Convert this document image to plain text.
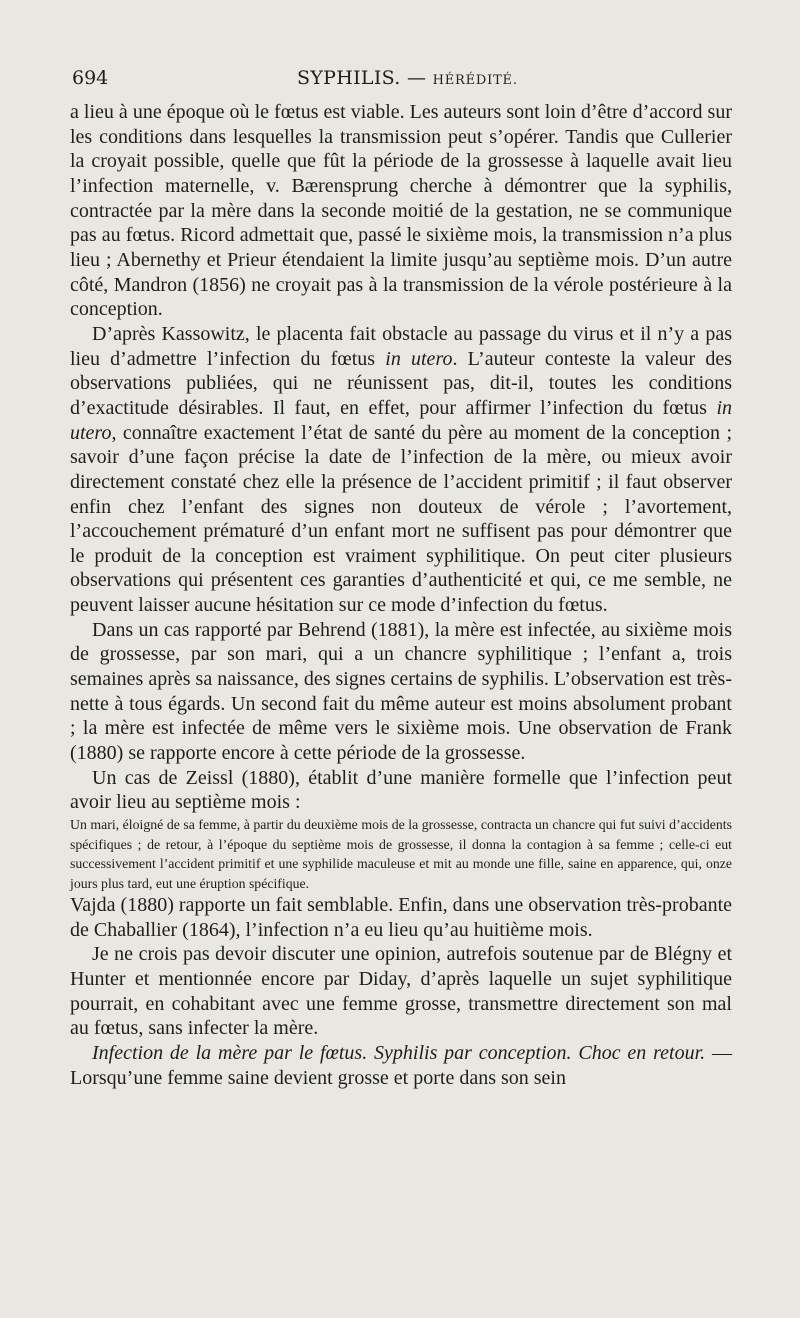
694	SYPHILIS. — HÉRÉDITÉ.

a lieu à une époque où le fœtus est viable. Les auteurs sont loin d’être d’accord sur les conditions dans lesquelles la transmission peut s’opérer. Tandis que Cullerier la croyait possible, quelle que fût la période de la grossesse à laquelle avait lieu l’infection maternelle, v. Bærensprung cherche à démontrer que la syphilis, contractée par la mère dans la seconde moitié de la gestation, ne se communique pas au fœtus. Ricord admettait que, passé le sixième mois, la transmission n’a plus lieu ; Abernethy et Prieur étendaient la limite jusqu’au septième mois. D’un autre côté, Mandron (1856) ne croyait pas à la transmission de la vérole postérieure à la conception.

D’après Kassowitz, le placenta fait obstacle au passage du virus et il n’y a pas lieu d’admettre l’infection du fœtus in utero. L’auteur conteste la valeur des observations publiées, qui ne réunissent pas, dit-il, toutes les conditions d’exactitude désirables. Il faut, en effet, pour affirmer l’infection du fœtus in utero, connaître exactement l’état de santé du père au moment de la conception ; savoir d’une façon précise la date de l’infection de la mère, ou mieux avoir directement constaté chez elle la présence de l’accident primitif ; il faut observer enfin chez l’enfant des signes non douteux de vérole ; l’avortement, l’accouchement prématuré d’un enfant mort ne suffisent pas pour démontrer que le produit de la conception est vraiment syphilitique. On peut citer plusieurs observations qui présentent ces garanties d’authenticité et qui, ce me semble, ne peuvent laisser aucune hésitation sur ce mode d’infection du fœtus.

Dans un cas rapporté par Behrend (1881), la mère est infectée, au sixième mois de grossesse, par son mari, qui a un chancre syphilitique ; l’enfant a, trois semaines après sa naissance, des signes certains de syphilis. L’observation est très-nette à tous égards. Un second fait du même auteur est moins absolument probant ; la mère est infectée de même vers le sixième mois. Une observation de Frank (1880) se rapporte encore à cette période de la grossesse.

Un cas de Zeissl (1880), établit d’une manière formelle que l’infection peut avoir lieu au septième mois :

Un mari, éloigné de sa femme, à partir du deuxième mois de la grossesse, contracta un chancre qui fut suivi d’accidents spécifiques ; de retour, à l’époque du septième mois de grossesse, il donna la contagion à sa femme ; celle-ci eut successivement l’accident primitif et une syphilide maculeuse et mit au monde une fille, saine en apparence, qui, onze jours plus tard, eut une éruption spécifique.

Vajda (1880) rapporte un fait semblable. Enfin, dans une observation très-probante de Chaballier (1864), l’infection n’a eu lieu qu’au huitième mois.

Je ne crois pas devoir discuter une opinion, autrefois soutenue par de Blégny et Hunter et mentionnée encore par Diday, d’après laquelle un sujet syphilitique pourrait, en cohabitant avec une femme grosse, transmettre directement son mal au fœtus, sans infecter la mère.

Infection de la mère par le fœtus. Syphilis par conception. Choc en retour. — Lorsqu’une femme saine devient grosse et porte dans son sein
